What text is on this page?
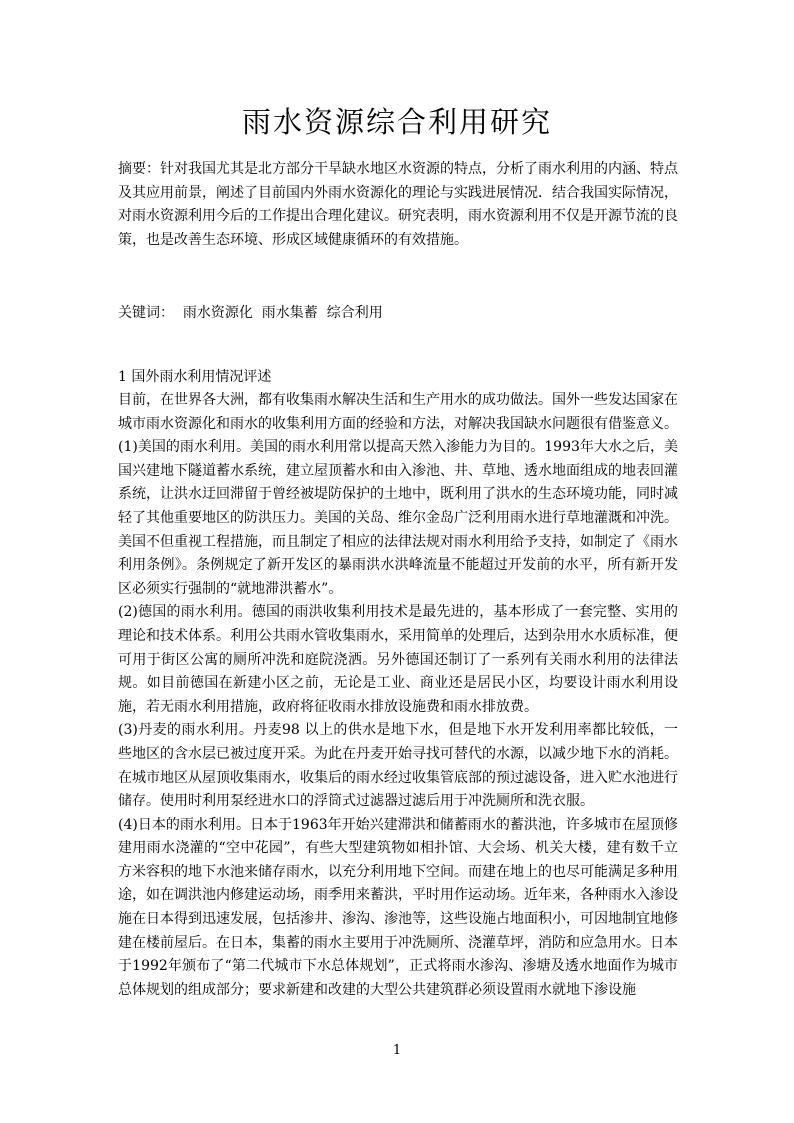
雨水资源综合利用研究

摘要：针对我国尤其是北方部分干旱缺水地区水资源的特点，分析了雨水利用的内涵、特点及其应用前景，阐述了目前国内外雨水资源化的理论与实践进展情况．结合我国实际情况，对雨水资源利用今后的工作提出合理化建议。研究表明，雨水资源利用不仅是开源节流的良策，也是改善生态环境、形成区域健康循环的有效措施。

关键词：  雨水资源化  雨水集蓄  综合利用

1 国外雨水利用情况评述

目前，在世界各大洲，都有收集雨水解决生活和生产用水的成功做法。国外一些发达国家在城市雨水资源化和雨水的收集利用方面的经验和方法，对解决我国缺水问题很有借鉴意义。(1)美国的雨水利用。美国的雨水利用常以提高天然入渗能力为目的。1993年大水之后，美国兴建地下隧道蓄水系统，建立屋顶蓄水和由入渗池、井、草地、透水地面组成的地表回灌系统，让洪水迂回滞留于曾经被堤防保护的土地中，既利用了洪水的生态环境功能，同时减轻了其他重要地区的防洪压力。美国的关岛、维尔金岛广泛利用雨水进行草地灌溉和冲洗。美国不但重视工程措施，而且制定了相应的法律法规对雨水利用给予支持，如制定了《雨水利用条例》。条例规定了新开发区的暴雨洪水洪峰流量不能超过开发前的水平，所有新开发区必须实行强制的“就地滞洪蓄水”。
(2)德国的雨水利用。德国的雨洪收集利用技术是最先进的，基本形成了一套完整、实用的理论和技术体系。利用公共雨水管收集雨水，采用简单的处理后，达到杂用水水质标准，便可用于街区公寓的厕所冲洗和庭院浇洒。另外德国还制订了一系列有关雨水利用的法律法规。如目前德国在新建小区之前，无论是工业、商业还是居民小区，均要设计雨水利用设施，若无雨水利用措施，政府将征收雨水排放设施费和雨水排放费。
(3)丹麦的雨水利用。丹麦98 以上的供水是地下水，但是地下水开发利用率都比较低，一些地区的含水层已被过度开采。为此在丹麦开始寻找可替代的水源，以减少地下水的消耗。在城市地区从屋顶收集雨水，收集后的雨水经过收集管底部的预过滤设备，进入贮水池进行储存。使用时利用泵经进水口的浮筒式过滤器过滤后用于冲洗厕所和洗衣服。
(4)日本的雨水利用。日本于1963年开始兴建滞洪和储蓄雨水的蓄洪池，许多城市在屋顶修建用雨水浇灌的“空中花园”，有些大型建筑物如相扑馆、大会场、机关大楼，建有数千立方米容积的地下水池来储存雨水，以充分利用地下空间。而建在地上的也尽可能满足多种用途，如在调洪池内修建运动场，雨季用来蓄洪，平时用作运动场。近年来，各种雨水入渗设施在日本得到迅速发展，包括渗井、渗沟、渗池等，这些设施占地面积小，可因地制宜地修建在楼前屋后。在日本，集蓄的雨水主要用于冲洗厕所、浇灌草坪，消防和应急用水。日本于1992年颁布了“第二代城市下水总体规划”，正式将雨水渗沟、渗塘及透水地面作为城市总体规划的组成部分；要求新建和改建的大型公共建筑群必须设置雨水就地下渗设施

1
